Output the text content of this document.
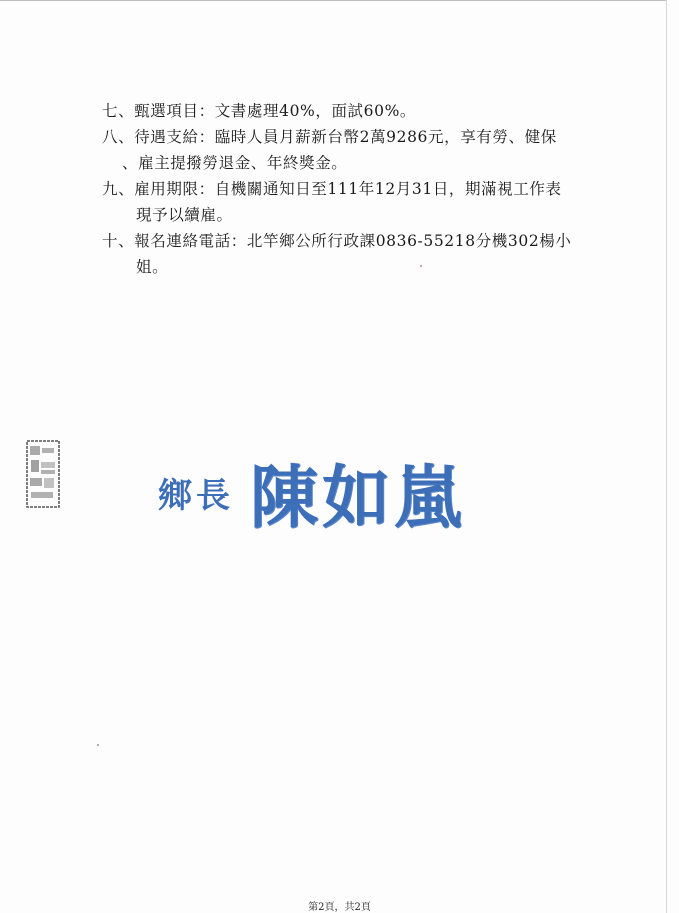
七、甄選項目：文書處理40%，面試60%。
八、待遇支給：臨時人員月薪新台幣2萬9286元，享有勞、健保
、雇主提撥勞退金、年終獎金。
九、雇用期限：自機關通知日至111年12月31日，期滿視工作表
現予以續雇。
十、報名連絡電話：北竿鄉公所行政課0836-55218分機302楊小
姐。
鄉長 陳如嵐
第2頁，共2頁
